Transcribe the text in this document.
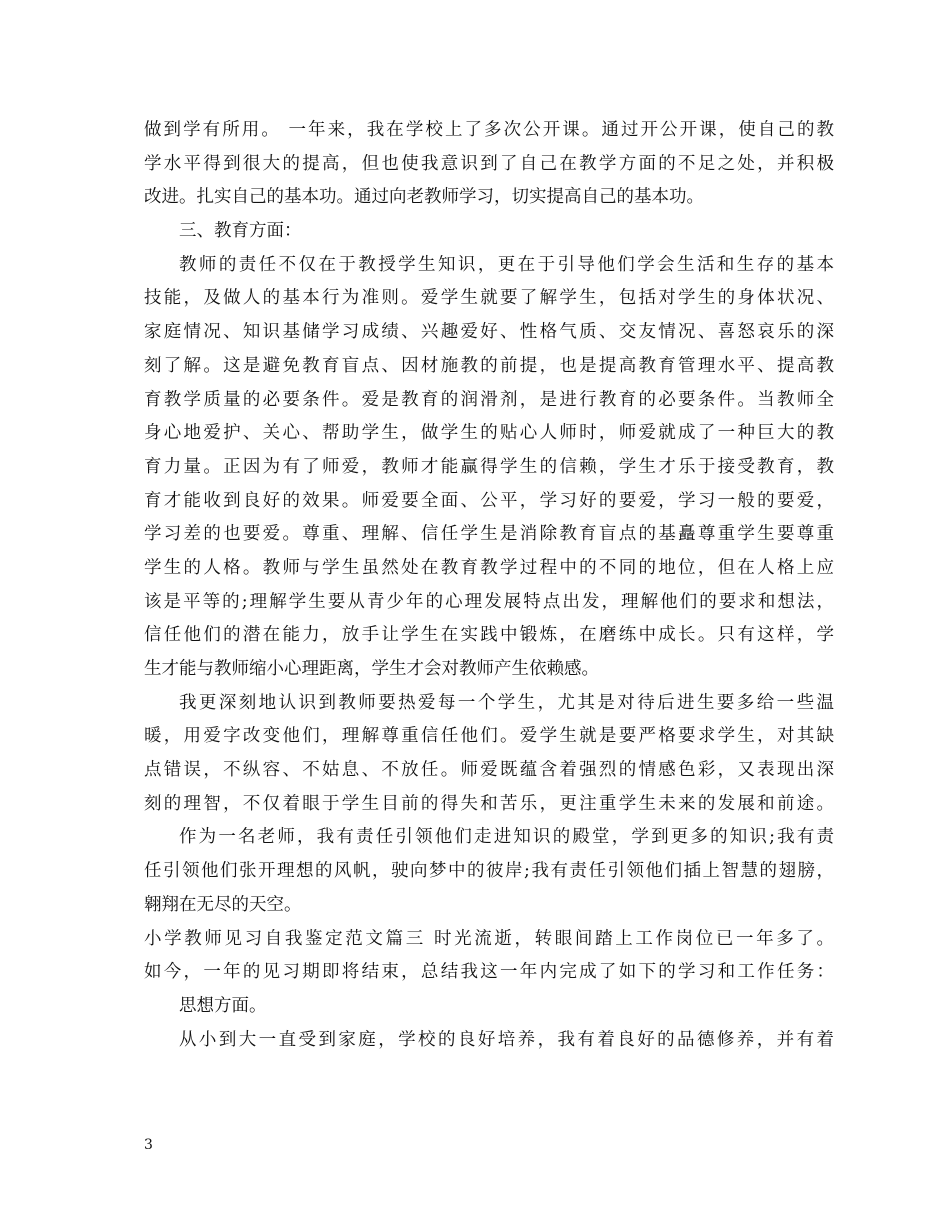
做到学有所用。 一年来，我在学校上了多次公开课。通过开公开课，使自己的教
学水平得到很大的提高，但也使我意识到了自己在教学方面的不足之处，并积极
改进。扎实自己的基本功。通过向老教师学习，切实提高自己的基本功。
三、教育方面：
教师的责任不仅在于教授学生知识，更在于引导他们学会生活和生存的基本
技能，及做人的基本行为准则。爱学生就要了解学生，包括对学生的身体状况、
家庭情况、知识基储学习成绩、兴趣爱好、性格气质、交友情况、喜怒哀乐的深
刻了解。这是避免教育盲点、因材施教的前提，也是提高教育管理水平、提高教
育教学质量的必要条件。爱是教育的润滑剂，是进行教育的必要条件。当教师全
身心地爱护、关心、帮助学生，做学生的贴心人师时，师爱就成了一种巨大的教
育力量。正因为有了师爱，教师才能赢得学生的信赖，学生才乐于接受教育，教
育才能收到良好的效果。师爱要全面、公平，学习好的要爱，学习一般的要爱，
学习差的也要爱。尊重、理解、信任学生是消除教育盲点的基矗尊重学生要尊重
学生的人格。教师与学生虽然处在教育教学过程中的不同的地位，但在人格上应
该是平等的;理解学生要从青少年的心理发展特点出发，理解他们的要求和想法，
信任他们的潜在能力，放手让学生在实践中锻炼，在磨练中成长。只有这样，学
生才能与教师缩小心理距离，学生才会对教师产生依赖感。
我更深刻地认识到教师要热爱每一个学生，尤其是对待后进生要多给一些温
暖，用爱字改变他们，理解尊重信任他们。爱学生就是要严格要求学生，对其缺
点错误，不纵容、不姑息、不放任。师爱既蕴含着强烈的情感色彩，又表现出深
刻的理智，不仅着眼于学生目前的得失和苦乐，更注重学生未来的发展和前途。
作为一名老师，我有责任引领他们走进知识的殿堂，学到更多的知识;我有责
任引领他们张开理想的风帆，驶向梦中的彼岸;我有责任引领他们插上智慧的翅膀，
翱翔在无尽的天空。
小学教师见习自我鉴定范文篇三 时光流逝，转眼间踏上工作岗位已一年多了。
如今，一年的见习期即将结束，总结我这一年内完成了如下的学习和工作任务：
思想方面。
从小到大一直受到家庭，学校的良好培养，我有着良好的品德修养，并有着
3
